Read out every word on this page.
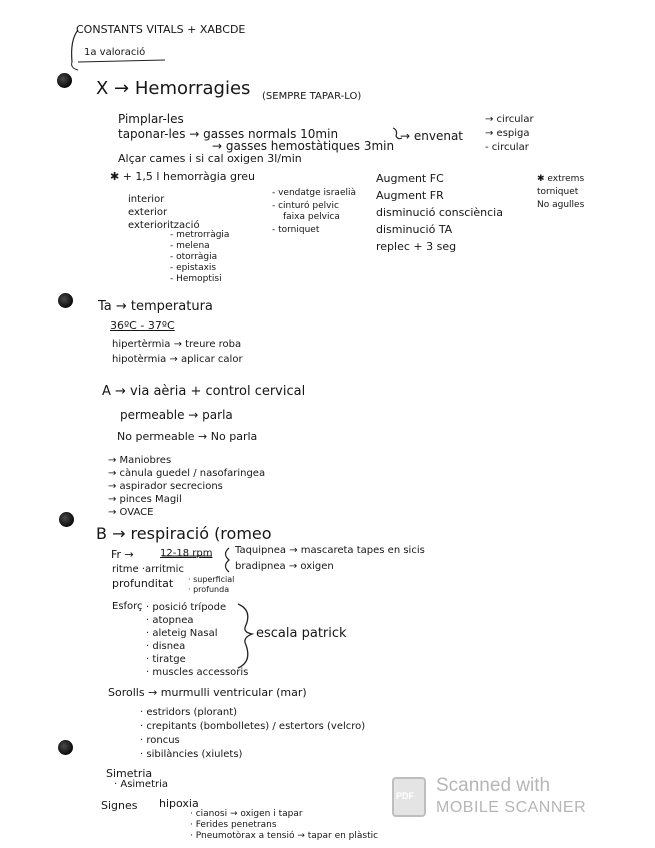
CONSTANTS VITALS + XABCDE
1a valoració
X → Hemorragies (SEMPRE TAPAR-LO)
Pimplar-les
taponar-les → gasses normals 10min
→ gasses hemostàtiques 3min
→ envenat
→ circular
→ espiga
- circular
Alçar cames i si cal oxigen 3l/min
✱ + 1,5 l hemorràgia greu
interior
exterior
exteriorització
- metrorràgia
- melena
- otorràgia
- epistaxis
- Hemoptisi
- vendatge israelià
- cinturó pelvic
faixa pelvica
- torniquet
Augment FC
Augment FR
disminució consciència
disminució TA
replec + 3 seg
✱ extrems
torniquet
No agulles
Ta → temperatura
36ºC - 37ºC
hipertèrmia → treure roba
hipotèrmia → aplicar calor
A → via aèria + control cervical
permeable → parla
No permeable → No parla
→ Maniobres
→ cànula guedel / nasofaringea
→ aspirador secrecions
→ pinces Magil
→ OVACE
B → respiració (romeo
Fr →	12-18 rpm Taquipnea → mascareta tapes en sicis
bradipnea → oxigen
ritme ·arritmic
profunditat · superficial
· profunda
Esforç · posició trípode
· atopnea
· aleteig Nasal
· disnea
· tiratge
· muscles accessoris
escala patrick
Sorolls → murmulli ventricular (mar)
· estridors (plorant)
· crepitants (bombolletes) / estertors (velcro)
· roncus
· sibilàncies (xiulets)
Simetria
· Asimetria
Signes hipoxia
· cianosi → oxigen i tapar
· Ferides penetrans
· Pneumotòrax a tensió → tapar en plàstic
PDF Scanned with
MOBILE SCANNER
